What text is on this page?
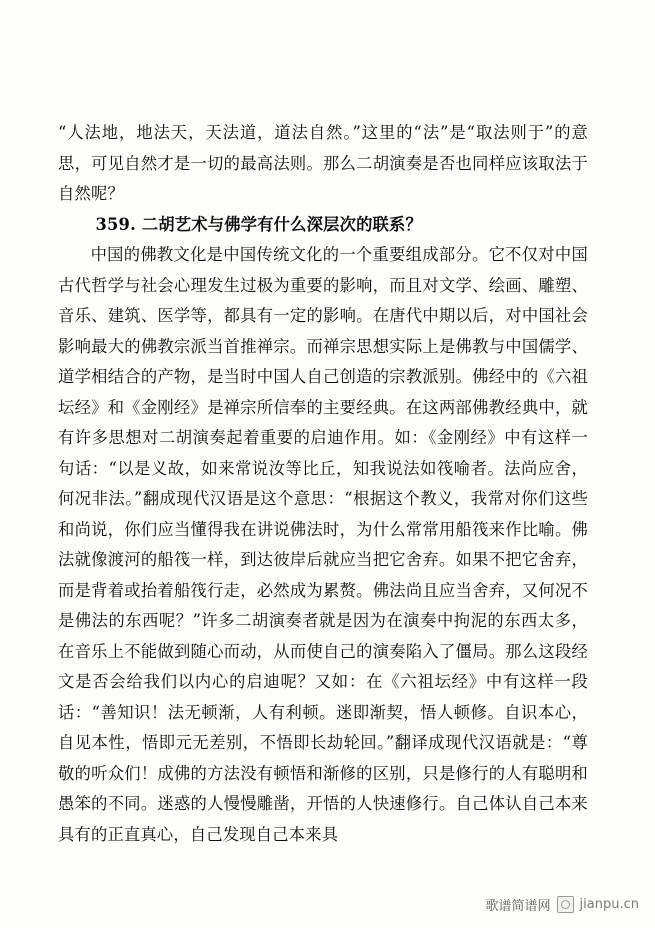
“人法地，地法天，天法道，道法自然。”这里的“法”是“取法则于”的意思，可见自然才是一切的最高法则。那么二胡演奏是否也同样应该取法于自然呢？

359. 二胡艺术与佛学有什么深层次的联系？

中国的佛教文化是中国传统文化的一个重要组成部分。它不仅对中国古代哲学与社会心理发生过极为重要的影响，而且对文学、绘画、雕塑、音乐、建筑、医学等，都具有一定的影响。在唐代中期以后，对中国社会影响最大的佛教宗派当首推禅宗。而禅宗思想实际上是佛教与中国儒学、道学相结合的产物，是当时中国人自己创造的宗教派别。佛经中的《六祖坛经》和《金刚经》是禅宗所信奉的主要经典。在这两部佛教经典中，就有许多思想对二胡演奏起着重要的启迪作用。如：《金刚经》中有这样一句话：“以是义故，如来常说汝等比丘，知我说法如筏喻者。法尚应舍，何况非法。”翻成现代汉语是这个意思：“根据这个教义，我常对你们这些和尚说，你们应当懂得我在讲说佛法时，为什么常常用船筏来作比喻。佛法就像渡河的船筏一样，到达彼岸后就应当把它舍弃。如果不把它舍弃，而是背着或抬着船筏行走，必然成为累赘。佛法尚且应当舍弃，又何况不是佛法的东西呢？”许多二胡演奏者就是因为在演奏中拘泥的东西太多，在音乐上不能做到随心而动，从而使自己的演奏陷入了僵局。那么这段经文是否会给我们以内心的启迪呢？又如：在《六祖坛经》中有这样一段话：“善知识！法无顿渐，人有利顿。迷即渐契，悟人顿修。自识本心，自见本性，悟即元无差别，不悟即长劫轮回。”翻译成现代汉语就是：“尊敬的听众们！成佛的方法没有顿悟和渐修的区别，只是修行的人有聪明和愚笨的不同。迷惑的人慢慢雕凿，开悟的人快速修行。自己体认自己本来具有的正直真心，自己发现自己本来具

歌谱简谱网 jianpu.cn
